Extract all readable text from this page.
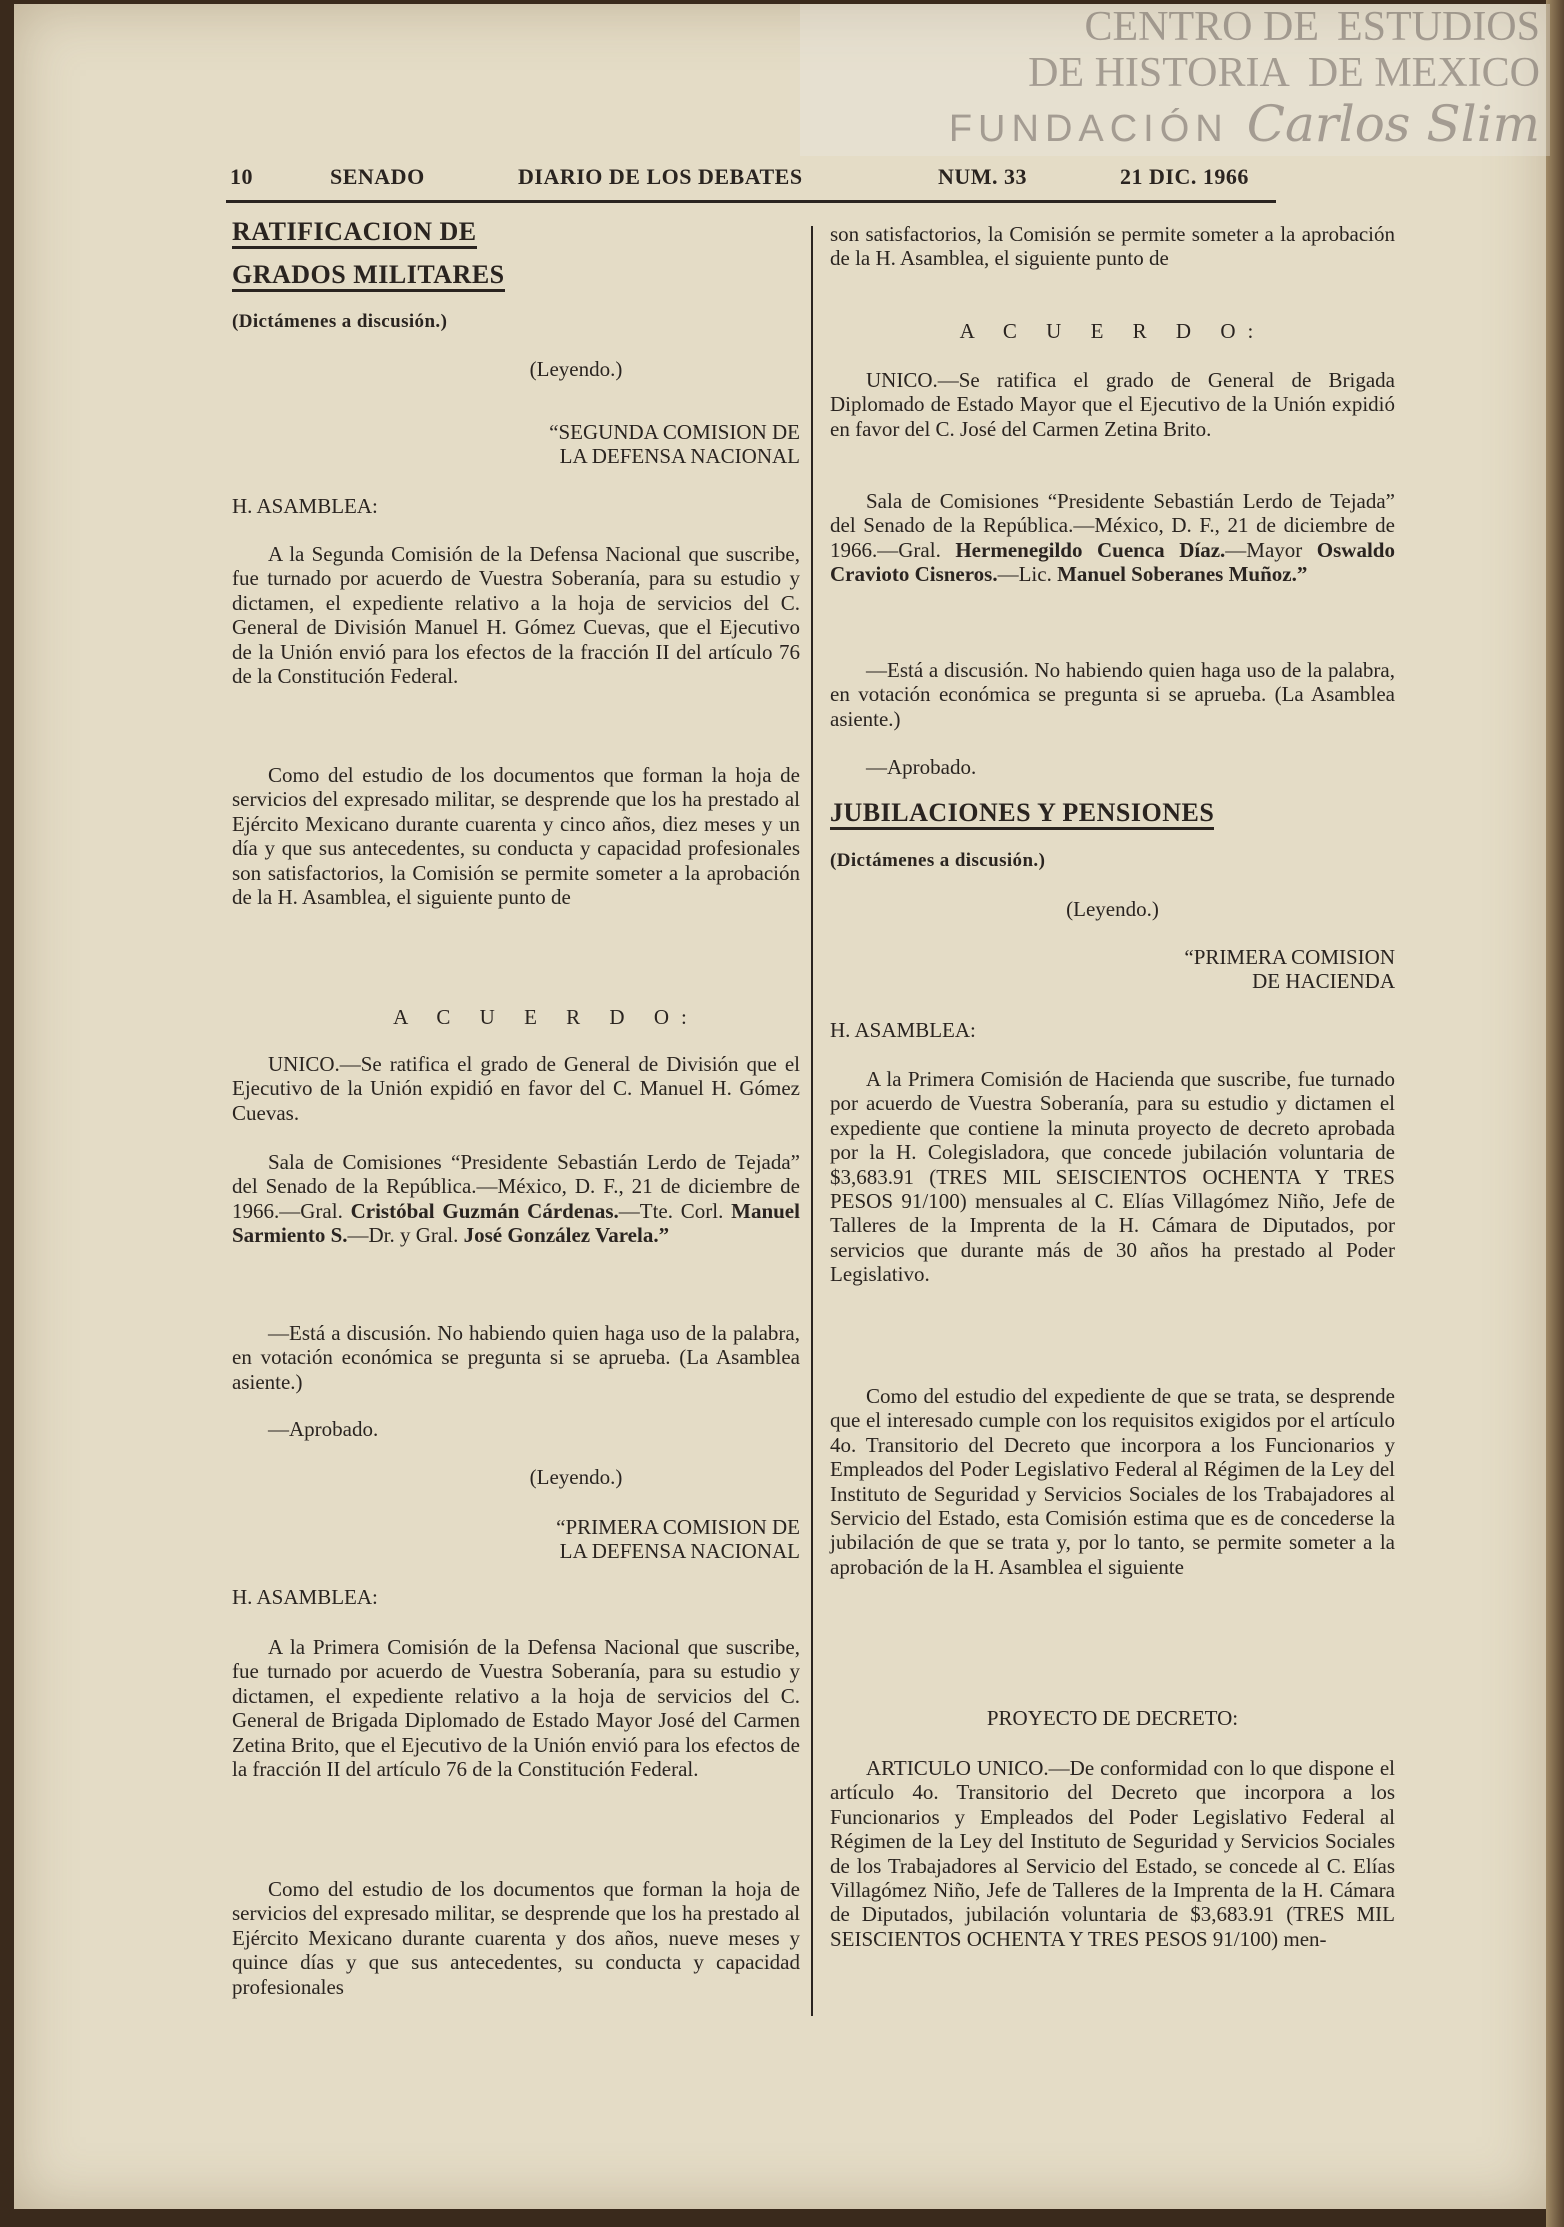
CENTRO DE ESTUDIOS
DE HISTORIA DE MEXICO
FUNDACIÓN Carlos Slim
10	SENADO	DIARIO DE LOS DEBATES	NUM. 33	21 DIC. 1966
RATIFICACION DE
GRADOS MILITARES
(Dictámenes a discusión.)
(Leyendo.)
“SEGUNDA COMISION DE
LA DEFENSA NACIONAL
H. ASAMBLEA:

A la Segunda Comisión de la Defensa Nacional que suscribe, fue turnado por acuerdo de Vuestra Soberanía, para su estudio y dictamen, el expediente relativo a la hoja de servicios del C. General de División Manuel H. Gómez Cuevas, que el Ejecutivo de la Unión envió para los efectos de la fracción II del artículo 76 de la Constitución Federal.

Como del estudio de los documentos que forman la hoja de servicios del expresado militar, se desprende que los ha prestado al Ejército Mexicano durante cuarenta y cinco años, diez meses y un día y que sus antecedentes, su conducta y capacidad profesionales son satisfactorios, la Comisión se permite someter a la aprobación de la H. Asamblea, el siguiente punto de

A C U E R D O:

UNICO.—Se ratifica el grado de General de División que el Ejecutivo de la Unión expidió en favor del C. Manuel H. Gómez Cuevas.

Sala de Comisiones “Presidente Sebastián Lerdo de Tejada” del Senado de la República.—México, D. F., 21 de diciembre de 1966.—Gral. Cristóbal Guzmán Cárdenas.—Tte. Corl. Manuel Sarmiento S.—Dr. y Gral. José González Varela.”

—Está a discusión. No habiendo quien haga uso de la palabra, en votación económica se pregunta si se aprueba. (La Asamblea asiente.)

—Aprobado.

(Leyendo.)
“PRIMERA COMISION DE
LA DEFENSA NACIONAL
H. ASAMBLEA:

A la Primera Comisión de la Defensa Nacional que suscribe, fue turnado por acuerdo de Vuestra Soberanía, para su estudio y dictamen, el expediente relativo a la hoja de servicios del C. General de Brigada Diplomado de Estado Mayor José del Carmen Zetina Brito, que el Ejecutivo de la Unión envió para los efectos de la fracción II del artículo 76 de la Constitución Federal.

Como del estudio de los documentos que forman la hoja de servicios del expresado militar, se desprende que los ha prestado al Ejército Mexicano durante cuarenta y dos años, nueve meses y quince días y que sus antecedentes, su conducta y capacidad profesionales

son satisfactorios, la Comisión se permite someter a la aprobación de la H. Asamblea, el siguiente punto de

A C U E R D O:

UNICO.—Se ratifica el grado de General de Brigada Diplomado de Estado Mayor que el Ejecutivo de la Unión expidió en favor del C. José del Carmen Zetina Brito.

Sala de Comisiones “Presidente Sebastián Lerdo de Tejada” del Senado de la República.—México, D. F., 21 de diciembre de 1966.—Gral. Hermenegildo Cuenca Díaz.—Mayor Oswaldo Cravioto Cisneros.—Lic. Manuel Soberanes Muñoz.”

—Está a discusión. No habiendo quien haga uso de la palabra, en votación económica se pregunta si se aprueba. (La Asamblea asiente.)

—Aprobado.

JUBILACIONES Y PENSIONES
(Dictámenes a discusión.)
(Leyendo.)
“PRIMERA COMISION
DE HACIENDA
H. ASAMBLEA:

A la Primera Comisión de Hacienda que suscribe, fue turnado por acuerdo de Vuestra Soberanía, para su estudio y dictamen el expediente que contiene la minuta proyecto de decreto aprobada por la H. Colegisladora, que concede jubilación voluntaria de $3,683.91 (TRES MIL SEISCIENTOS OCHENTA Y TRES PESOS 91/100) mensuales al C. Elías Villagómez Niño, Jefe de Talleres de la Imprenta de la H. Cámara de Diputados, por servicios que durante más de 30 años ha prestado al Poder Legislativo.

Como del estudio del expediente de que se trata, se desprende que el interesado cumple con los requisitos exigidos por el artículo 4o. Transitorio del Decreto que incorpora a los Funcionarios y Empleados del Poder Legislativo Federal al Régimen de la Ley del Instituto de Seguridad y Servicios Sociales de los Trabajadores al Servicio del Estado, esta Comisión estima que es de concederse la jubilación de que se trata y, por lo tanto, se permite someter a la aprobación de la H. Asamblea el siguiente

PROYECTO DE DECRETO:

ARTICULO UNICO.—De conformidad con lo que dispone el artículo 4o. Transitorio del Decreto que incorpora a los Funcionarios y Empleados del Poder Legislativo Federal al Régimen de la Ley del Instituto de Seguridad y Servicios Sociales de los Trabajadores al Servicio del Estado, se concede al C. Elías Villagómez Niño, Jefe de Talleres de la Imprenta de la H. Cámara de Diputados, jubilación voluntaria de $3,683.91 (TRES MIL SEISCIENTOS OCHENTA Y TRES PESOS 91/100) men-
